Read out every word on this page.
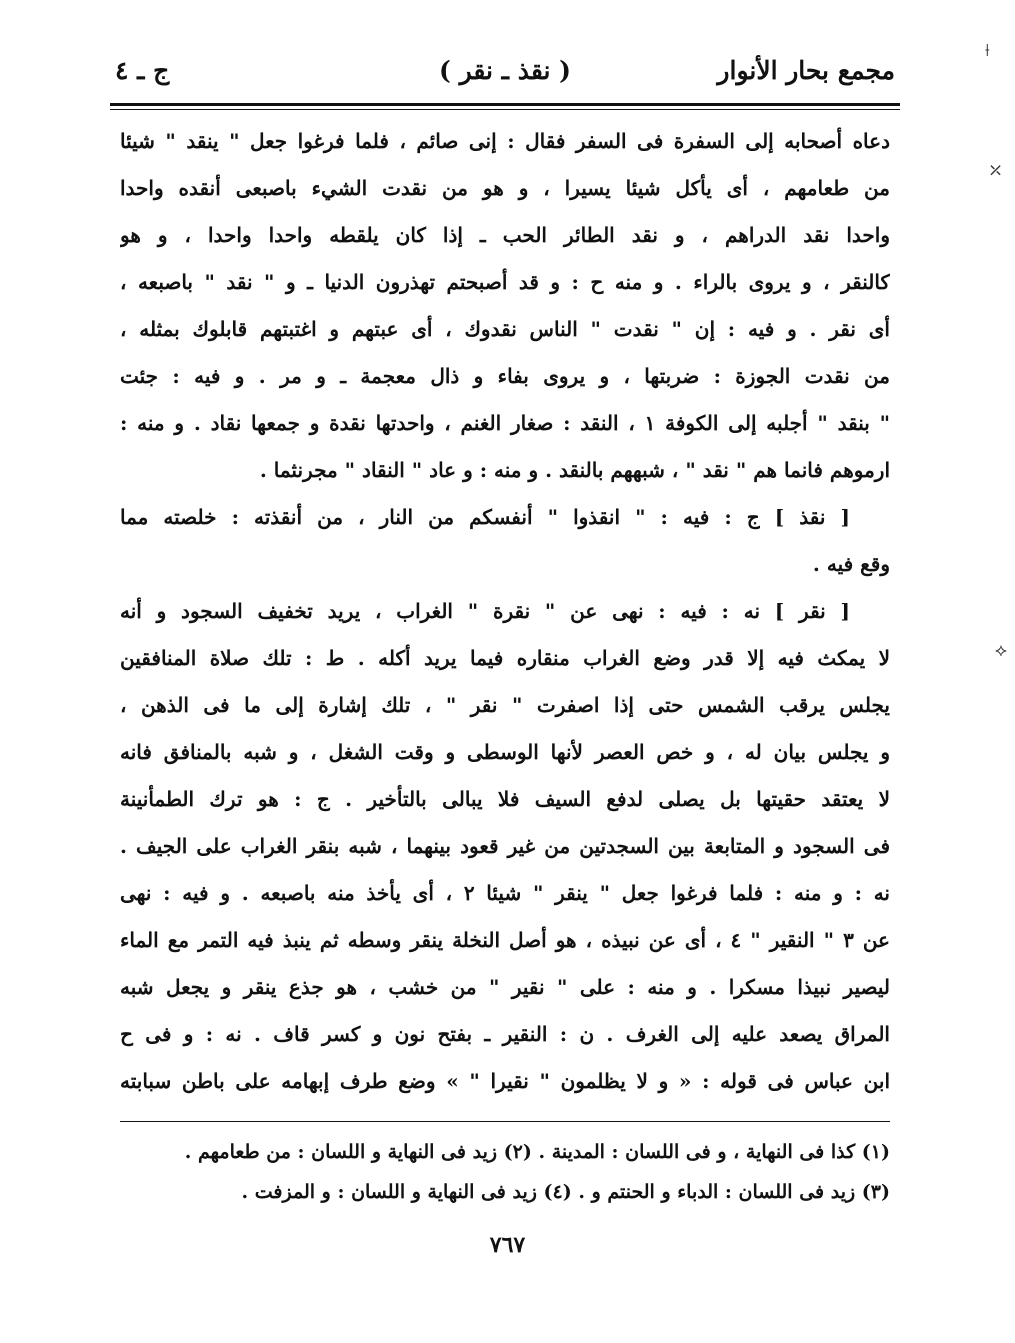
مجمع بحار الأنوار
( نقذ ـ نقر )
ج ـ ٤
دعاه أصحابه إلى السفرة فى السفر فقال : إنى صائم ، فلما فرغوا جعل " ينقد " شيئا
من طعامهم ، أى يأكل شيئا يسيرا ، و هو من نقدت الشيء باصبعى أنقده واحدا
واحدا نقد الدراهم ، و نقد الطائر الحب ـ إذا كان يلقطه واحدا واحدا ، و هو
كالنقر ، و يروى بالراء . و منه ح : و قد أصبحتم تهذرون الدنيا ـ و " نقد " باصبعه ،
أى نقر . و فيه : إن " نقدت " الناس نقدوك ، أى عبتهم و اغتبتهم قابلوك بمثله ،
من نقدت الجوزة : ضربتها ، و يروى بفاء و ذال معجمة ـ و مر . و فيه : جئت
" بنقد " أجلبه إلى الكوفة ١ ، النقد : صغار الغنم ، واحدتها نقدة و جمعها نقاد . و منه :
ارموهم فانما هم " نقد " ، شبههم بالنقد . و منه : و عاد " النقاد " مجرنثما .
[ نقذ ] ج : فيه : " انقذوا " أنفسكم من النار ، من أنقذته : خلصته مما
وقع فيه .
[ نقر ] نه : فيه : نهى عن " نقرة " الغراب ، يريد تخفيف السجود و أنه
لا يمكث فيه إلا قدر وضع الغراب منقاره فيما يريد أكله . ط : تلك صلاة المنافقين
يجلس يرقب الشمس حتى إذا اصفرت " نقر " ، تلك إشارة إلى ما فى الذهن ،
و يجلس بيان له ، و خص العصر لأنها الوسطى و وقت الشغل ، و شبه بالمنافق فانه
لا يعتقد حقيتها بل يصلى لدفع السيف فلا يبالى بالتأخير . ج : هو ترك الطمأنينة
فى السجود و المتابعة بين السجدتين من غير قعود بينهما ، شبه بنقر الغراب على الجيف .
نه : و منه : فلما فرغوا جعل " ينقر " شيئا ٢ ، أى يأخذ منه باصبعه . و فيه : نهى
عن ٣ " النقير " ٤ ، أى عن نبيذه ، هو أصل النخلة ينقر وسطه ثم ينبذ فيه التمر مع الماء
ليصير نبيذا مسكرا . و منه : على " نقير " من خشب ، هو جذع ينقر و يجعل شبه
المراق يصعد عليه إلى الغرف . ن : النقير ـ بفتح نون و كسر قاف . نه : و فى ح
ابن عباس فى قوله : « و لا يظلمون " نقيرا " » وضع طرف إبهامه على باطن سبابته
(١) كذا فى النهاية ، و فى اللسان : المدينة . (٢) زيد فى النهاية و اللسان : من طعامهم .
(٣) زيد فى اللسان : الدباء و الحنتم و . (٤) زيد فى النهاية و اللسان : و المزفت .
٧٦٧
⟊
⤫
⟡
